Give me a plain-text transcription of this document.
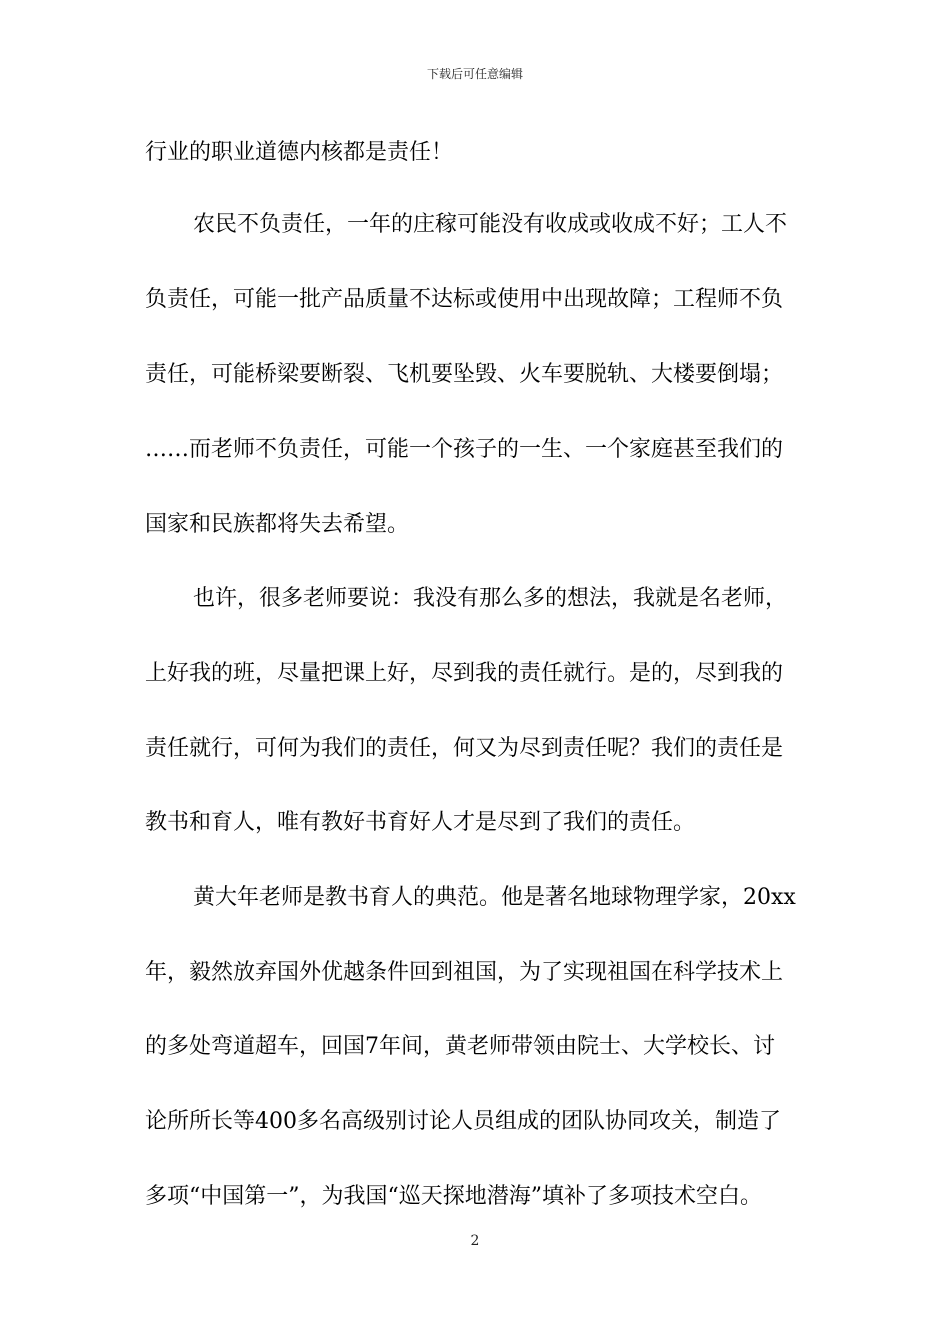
下载后可任意编辑
行业的职业道德内核都是责任！
农民不负责任，一年的庄稼可能没有收成或收成不好；工人不
负责任，可能一批产品质量不达标或使用中出现故障；工程师不负
责任，可能桥梁要断裂、飞机要坠毁、火车要脱轨、大楼要倒塌；
……而老师不负责任，可能一个孩子的一生、一个家庭甚至我们的
国家和民族都将失去希望。
也许，很多老师要说：我没有那么多的想法，我就是名老师，
上好我的班，尽量把课上好，尽到我的责任就行。是的，尽到我的
责任就行，可何为我们的责任，何又为尽到责任呢？我们的责任是
教书和育人，唯有教好书育好人才是尽到了我们的责任。
黄大年老师是教书育人的典范。他是著名地球物理学家，20xx
年，毅然放弃国外优越条件回到祖国，为了实现祖国在科学技术上
的多处弯道超车，回国7年间，黄老师带领由院士、大学校长、讨
论所所长等400多名高级别讨论人员组成的团队协同攻关，制造了
多项“中国第一”，为我国“巡天探地潜海”填补了多项技术空白。
2
